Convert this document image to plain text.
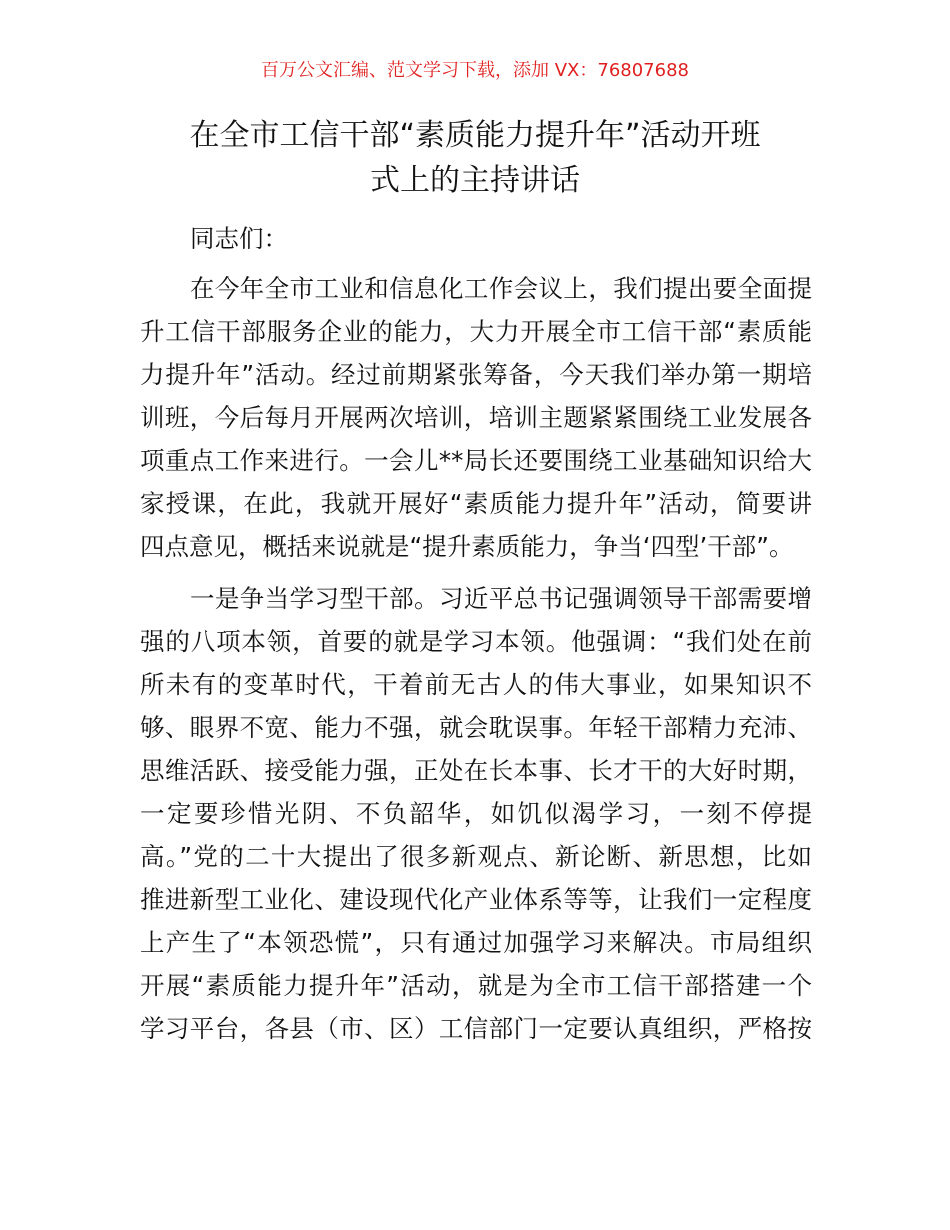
百万公文汇编、范文学习下载，添加 VX：76807688
在全市工信干部“素质能力提升年”活动开班
式上的主持讲话
同志们：
在今年全市工业和信息化工作会议上，我们提出要全面提
升工信干部服务企业的能力，大力开展全市工信干部“素质能
力提升年”活动。经过前期紧张筹备，今天我们举办第一期培
训班，今后每月开展两次培训，培训主题紧紧围绕工业发展各
项重点工作来进行。一会儿**局长还要围绕工业基础知识给大
家授课，在此，我就开展好“素质能力提升年”活动，简要讲
四点意见，概括来说就是“提升素质能力，争当‘四型’干部”。
一是争当学习型干部。习近平总书记强调领导干部需要增
强的八项本领，首要的就是学习本领。他强调：“我们处在前
所未有的变革时代，干着前无古人的伟大事业，如果知识不
够、眼界不宽、能力不强，就会耽误事。年轻干部精力充沛、
思维活跃、接受能力强，正处在长本事、长才干的大好时期，
一定要珍惜光阴、不负韶华，如饥似渴学习，一刻不停提
高。”党的二十大提出了很多新观点、新论断、新思想，比如
推进新型工业化、建设现代化产业体系等等，让我们一定程度
上产生了“本领恐慌”，只有通过加强学习来解决。市局组织
开展“素质能力提升年”活动，就是为全市工信干部搭建一个
学习平台，各县（市、区）工信部门一定要认真组织，严格按
